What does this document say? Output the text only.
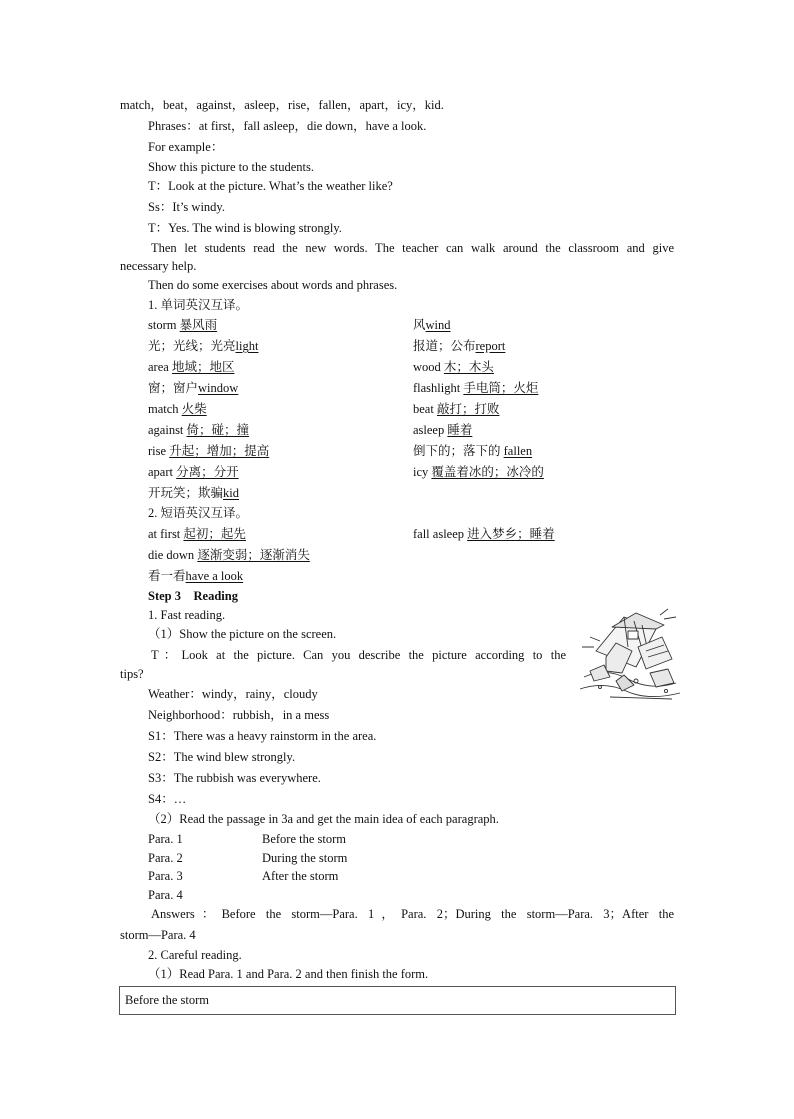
match，beat，against，asleep，rise，fallen，apart，icy，kid.
Phrases：at first，fall asleep，die down，have a look.
For example：
Show this picture to the students.
T：Look at the picture. What’s the weather like?
Ss：It’s windy.
T：Yes. The wind is blowing strongly.
Then let students read the new words. The teacher can walk around the classroom and give
necessary help.
Then do some exercises about words and phrases.
1. 单词英汉互译。
storm 暴风雨	风wind
光；光线；光亮light	报道；公布report
area 地域；地区	wood 木；木头
窗；窗户window	flashlight 手电筒；火炬
match 火柴	beat 敲打；打败
against 倚；碰；撞	asleep 睡着
rise 升起；增加；提高	倒下的；落下的 fallen
apart 分离；分开	icy 覆盖着冰的；冰冷的
开玩笑；欺骗kid
2. 短语英汉互译。
at first 起初；起先	fall asleep 进入梦乡；睡着
die down 逐渐变弱；逐渐消失
看一看have a look
Step 3　Reading
1. Fast reading.
（1）Show the picture on the screen.
T：Look at the picture. Can you describe the picture according to the
tips?
Weather：windy，rainy，cloudy
Neighborhood：rubbish，in a mess
S1：There was a heavy rainstorm in the area.
S2：The wind blew strongly.
S3：The rubbish was everywhere.
S4：…
（2）Read the passage in 3a and get the main idea of each paragraph.
Para. 1	Before the storm
Para. 2	During the storm
Para. 3	After the storm
Para. 4
Answers：Before the storm—Para. 1，Para. 2；During the storm—Para. 3；After the
storm—Para. 4
2. Careful reading.
（1）Read Para. 1 and Para. 2 and then finish the form.
Before the storm
